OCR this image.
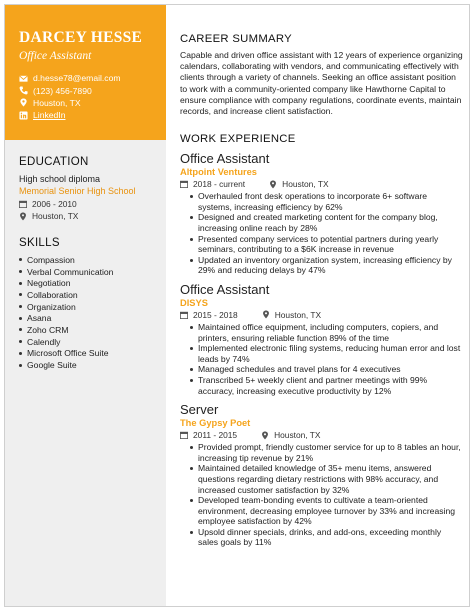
DARCEY HESSE
Office Assistant
d.hesse78@email.com
(123) 456-7890
Houston, TX
LinkedIn
EDUCATION
High school diploma
Memorial Senior High School
2006 - 2010
Houston, TX
SKILLS
Compassion
Verbal Communication
Negotiation
Collaboration
Organization
Asana
Zoho CRM
Calendly
Microsoft Office Suite
Google Suite
CAREER SUMMARY

Capable and driven office assistant with 12 years of experience organizing calendars, collaborating with vendors, and communicating effectively with clients through a variety of channels. Seeking an office assistant position to work with a community-oriented company like Hawthorne Capital to ensure compliance with company regulations, coordinate events, maintain records, and increase client satisfaction.

WORK EXPERIENCE
Office Assistant
Altpoint Ventures
2018 - current	Houston, TX
Overhauled front desk operations to incorporate 6+ software systems, increasing efficiency by 62%
Designed and created marketing content for the company blog, increasing online reach by 28%
Presented company services to potential partners during yearly seminars, contributing to a $6K increase in revenue
Updated an inventory organization system, increasing efficiency by 29% and reducing delays by 47%
Office Assistant
DISYS
2015 - 2018	Houston, TX
Maintained office equipment, including computers, copiers, and printers, ensuring reliable function 89% of the time
Implemented electronic filing systems, reducing human error and lost leads by 74%
Managed schedules and travel plans for 4 executives
Transcribed 5+ weekly client and partner meetings with 99% accuracy, increasing executive productivity by 12%
Server
The Gypsy Poet
2011 - 2015	Houston, TX
Provided prompt, friendly customer service for up to 8 tables an hour, increasing tip revenue by 21%
Maintained detailed knowledge of 35+ menu items, answered questions regarding dietary restrictions with 98% accuracy, and increased customer satisfaction by 32%
Developed team-bonding events to cultivate a team-oriented environment, decreasing employee turnover by 33% and increasing employee satisfaction by 42%
Upsold dinner specials, drinks, and add-ons, exceeding monthly sales goals by 11%
